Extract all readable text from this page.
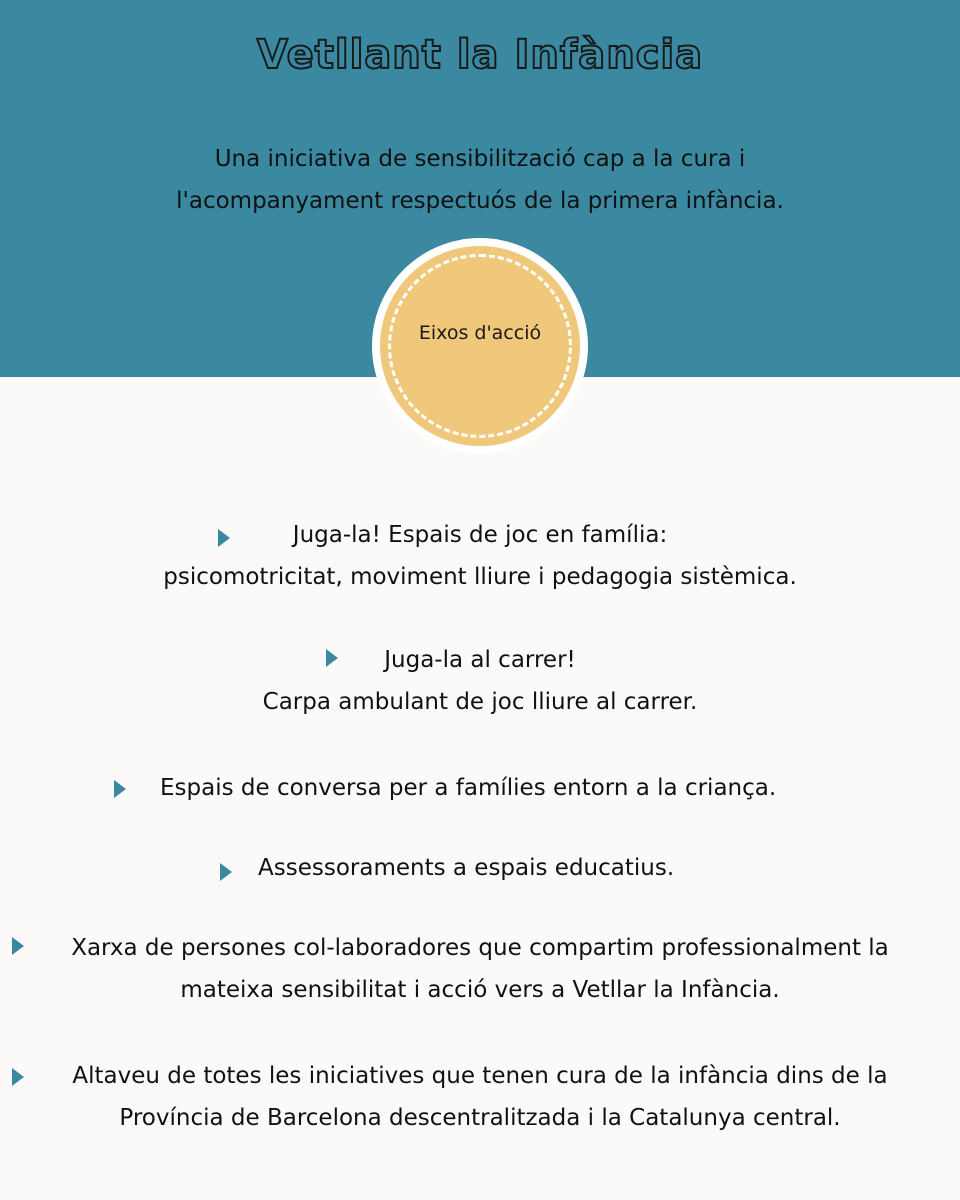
Vetllant la Infància
Una iniciativa de sensibilització cap a la cura i
l'acompanyament respectuós de la primera infància.
Eixos d'acció
Juga-la! Espais de joc en família:
psicomotricitat, moviment lliure i pedagogia sistèmica.
Juga-la al carrer!
Carpa ambulant de joc lliure al carrer.
Espais de conversa per a famílies entorn a la criança.
Assessoraments a espais educatius.
Xarxa de persones col-laboradores que compartim professionalment la
mateixa sensibilitat i acció vers a Vetllar la Infància.
Altaveu de totes les iniciatives que tenen cura de la infància dins de la
Província de Barcelona descentralitzada i la Catalunya central.
